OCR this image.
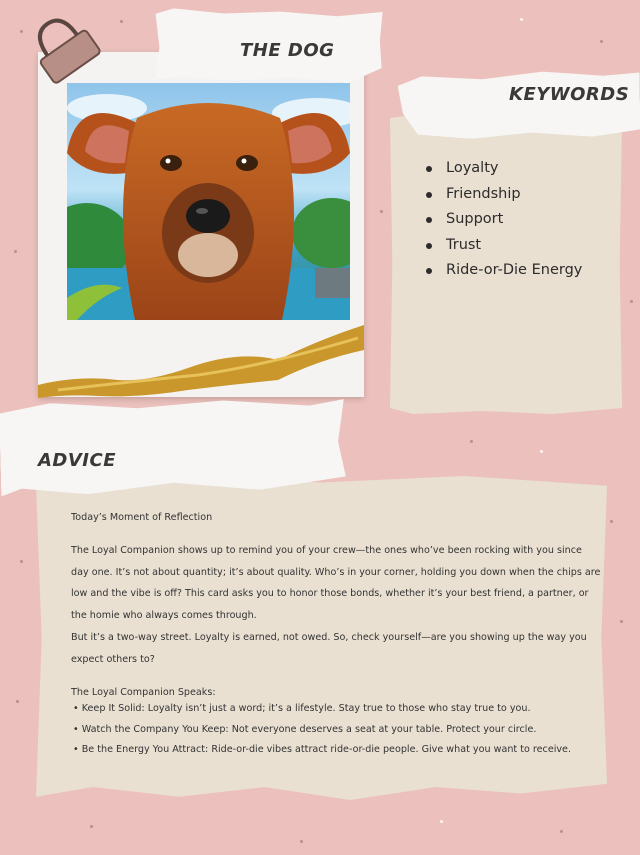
THE DOG
KEYWORDS
Loyalty
Friendship
Support
Trust
Ride-or-Die Energy
ADVICE

Today’s Moment of Reflection

The Loyal Companion shows up to remind you of your crew—the ones who’ve been rocking with you since day one. It’s not about quantity; it’s about quality. Who’s in your corner, holding you down when the chips are low and the vibe is off? This card asks you to honor those bonds, whether it’s your best friend, a partner, or the homie who always comes through.

But it’s a two-way street. Loyalty is earned, not owed. So, check yourself—are you showing up the way you expect others to?

The Loyal Companion Speaks:

• Keep It Solid: Loyalty isn’t just a word; it’s a lifestyle. Stay true to those who stay true to you.
• Watch the Company You Keep: Not everyone deserves a seat at your table. Protect your circle.
• Be the Energy You Attract: Ride-or-die vibes attract ride-or-die people. Give what you want to receive.
